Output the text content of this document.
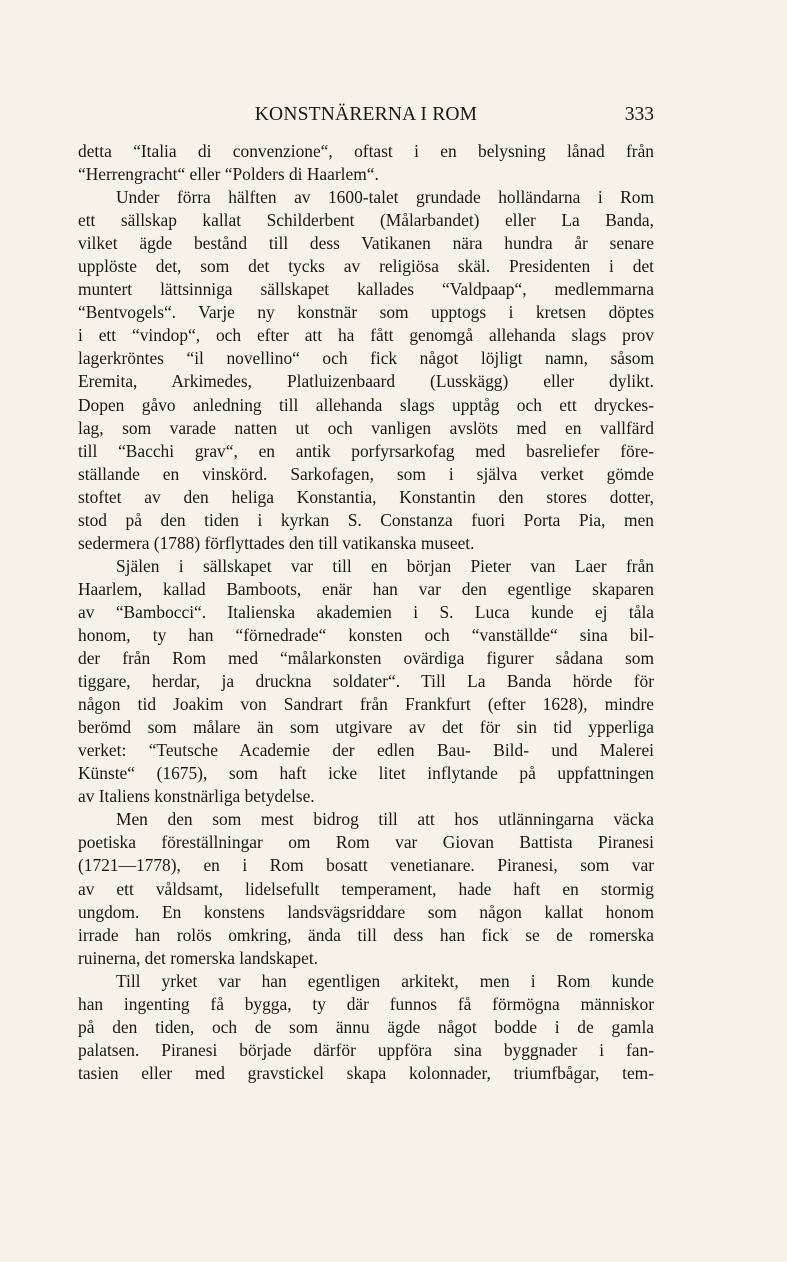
KONSTNÄRERNA I ROM	333
detta “Italia di convenzione“, oftast i en belysning lånad från
“Herrengracht“ eller “Polders di Haarlem“.
Under förra hälften av 1600-talet grundade holländarna i Rom
ett sällskap kallat Schilderbent (Målarbandet) eller La Banda,
vilket ägde bestånd till dess Vatikanen nära hundra år senare
upplöste det, som det tycks av religiösa skäl. Presidenten i det
muntert lättsinniga sällskapet kallades “Valdpaap“, medlemmarna
“Bentvogels“. Varje ny konstnär som upptogs i kretsen döptes
i ett “vindop“, och efter att ha fått genomgå allehanda slags prov
lagerkröntes “il novellino“ och fick något löjligt namn, såsom
Eremita, Arkimedes, Platluizenbaard (Lusskägg) eller dylikt.
Dopen gåvo anledning till allehanda slags upptåg och ett dryckes-
lag, som varade natten ut och vanligen avslöts med en vallfärd
till “Bacchi grav“, en antik porfyrsarkofag med basreliefer före-
ställande en vinskörd. Sarkofagen, som i själva verket gömde
stoftet av den heliga Konstantia, Konstantin den stores dotter,
stod på den tiden i kyrkan S. Constanza fuori Porta Pia, men
sedermera (1788) förflyttades den till vatikanska museet.
Själen i sällskapet var till en början Pieter van Laer från
Haarlem, kallad Bamboots, enär han var den egentlige skaparen
av “Bambocci“. Italienska akademien i S. Luca kunde ej tåla
honom, ty han “förnedrade“ konsten och “vanställde“ sina bil-
der från Rom med “målarkonsten ovärdiga figurer sådana som
tiggare, herdar, ja druckna soldater“. Till La Banda hörde för
någon tid Joakim von Sandrart från Frankfurt (efter 1628), mindre
berömd som målare än som utgivare av det för sin tid ypperliga
verket: “Teutsche Academie der edlen Bau- Bild- und Malerei
Künste“ (1675), som haft icke litet inflytande på uppfattningen
av Italiens konstnärliga betydelse.
Men den som mest bidrog till att hos utlänningarna väcka
poetiska föreställningar om Rom var Giovan Battista Piranesi
(1721—1778), en i Rom bosatt venetianare. Piranesi, som var
av ett våldsamt, lidelsefullt temperament, hade haft en stormig
ungdom. En konstens landsvägsriddare som någon kallat honom
irrade han rolös omkring, ända till dess han fick se de romerska
ruinerna, det romerska landskapet.
Till yrket var han egentligen arkitekt, men i Rom kunde
han ingenting få bygga, ty där funnos få förmögna människor
på den tiden, och de som ännu ägde något bodde i de gamla
palatsen. Piranesi började därför uppföra sina byggnader i fan-
tasien eller med gravstickel skapa kolonnader, triumfbågar, tem-
